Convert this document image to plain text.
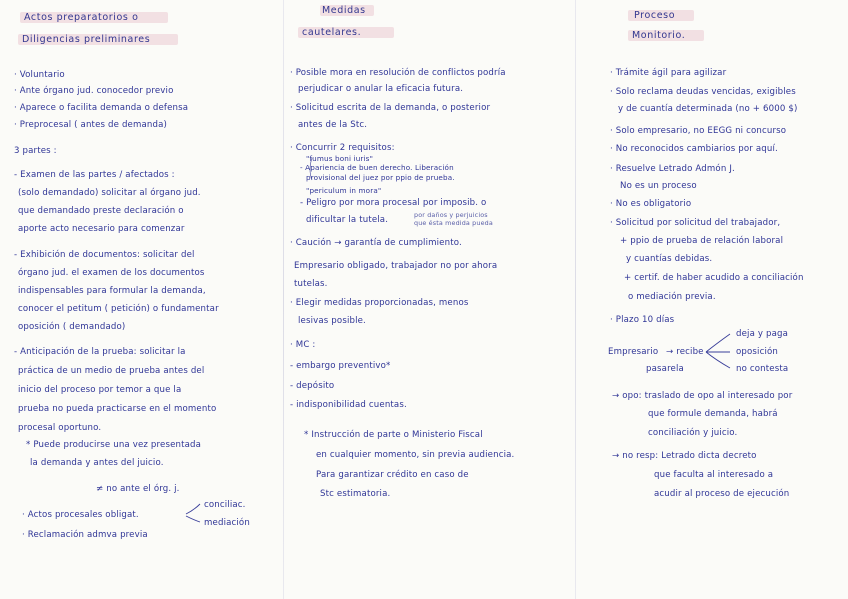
Actos preparatorios o
Diligencias preliminares
· Voluntario
· Ante órgano jud. conocedor previo
· Aparece o facilita demanda o defensa
· Preprocesal ( antes de demanda)
3 partes :
- Examen de las partes / afectados :
(solo demandado) solicitar al órgano jud.
que demandado preste declaración o
aporte acto necesario para comenzar
- Exhibición de documentos: solicitar del
órgano jud. el examen de los documentos
indispensables para formular la demanda,
conocer el petitum ( petición) o fundamentar
oposición ( demandado)
- Anticipación de la prueba: solicitar la
práctica de un medio de prueba antes del
inicio del proceso por temor a que la
prueba no pueda practicarse en el momento
procesal oportuno.
* Puede producirse una vez presentada
la demanda y antes del juicio.
≠ no ante el órg. j.
· Actos procesales obligat.
· Reclamación admva previa
conciliac.
mediación
Medidas
cautelares.
· Posible mora en resolución de conflictos podría
perjudicar o anular la eficacia futura.
· Solicitud escrita de la demanda, o posterior
antes de la Stc.
· Concurrir 2 requisitos:
"fumus boni iuris"
- Apariencia de buen derecho. Liberación
provisional del juez por ppio de prueba.
"periculum in mora"
- Peligro por mora procesal por imposib. o
dificultar la tutela.	por daños y perjuicios
que ésta medida pueda
· Caución → garantía de cumplimiento.
Empresario obligado, trabajador no por ahora
tutelas.
· Elegir medidas proporcionadas, menos
lesivas posible.
· MC :
- embargo preventivo*
- depósito
- indisponibilidad cuentas.
* Instrucción de parte o Ministerio Fiscal
en cualquier momento, sin previa audiencia.
Para garantizar crédito en caso de
Stc estimatoria.
Proceso
Monitorio.
· Trámite ágil para agilizar
· Solo reclama deudas vencidas, exigibles
y de cuantía determinada (no + 6000 $)
· Solo empresario, no EEGG ni concurso
· No reconocidos cambiarios por aquí.
· Resuelve Letrado Admón J.
No es un proceso
· No es obligatorio
· Solicitud por solicitud del trabajador,
+ ppio de prueba de relación laboral
y cuantías debidas.
+ certif. de haber acudido a conciliación
o mediación previa.
· Plazo 10 días
Empresario → recibe
pasarela
deja y paga
oposición
no contesta
→ opo: traslado de opo al interesado por
que formule demanda, habrá
conciliación y juicio.
→ no resp: Letrado dicta decreto
que faculta al interesado a
acudir al proceso de ejecución
